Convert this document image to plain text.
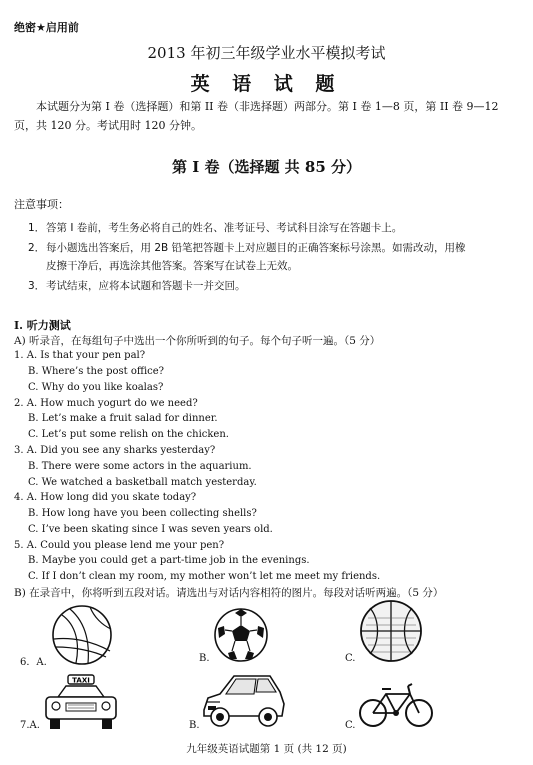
绝密★启用前
2013 年初三年级学业水平模拟考试
英 语 试 题
本试题分为第 I 卷（选择题）和第 II 卷（非选择题）两部分。第 I 卷 1—8 页，第 II 卷 9—12 页，共 120 分。考试用时 120 分钟。
第 I 卷（选择题 共 85 分）
注意事项：
1．答第 I 卷前，考生务必将自己的姓名、准考证号、考试科目涂写在答题卡上。
2．每小题选出答案后，用 2B 铅笔把答题卡上对应题目的正确答案标号涂黑。如需改动，用橡
皮擦干净后，再选涂其他答案。答案写在试卷上无效。
3．考试结束，应将本试题和答题卡一并交回。
I. 听力测试
A) 听录音，在每组句子中选出一个你所听到的句子。每个句子听一遍。（5 分）
1. A. Is that your pen pal?
B. Where’s the post office?
C. Why do you like koalas?
2. A. How much yogurt do we need?
B. Let’s make a fruit salad for dinner.
C. Let’s put some relish on the chicken.
3. A. Did you see any sharks yesterday?
B. There were some actors in the aquarium.
C. We watched a basketball match yesterday.
4. A. How long did you skate today?
B. How long have you been collecting shells?
C. I’ve been skating since I was seven years old.
5. A. Could you please lend me your pen?
B. Maybe you could get a part-time job in the evenings.
C. If I don’t clean my room, my mother won’t let me meet my friends.
B) 在录音中，你将听到五段对话。请选出与对话内容相符的图片。每段对话听两遍。（5 分）
6．A.	B.	C.
7.A.
TAXI
B.	C.
九年级英语试题第 1 页 (共 12 页)
